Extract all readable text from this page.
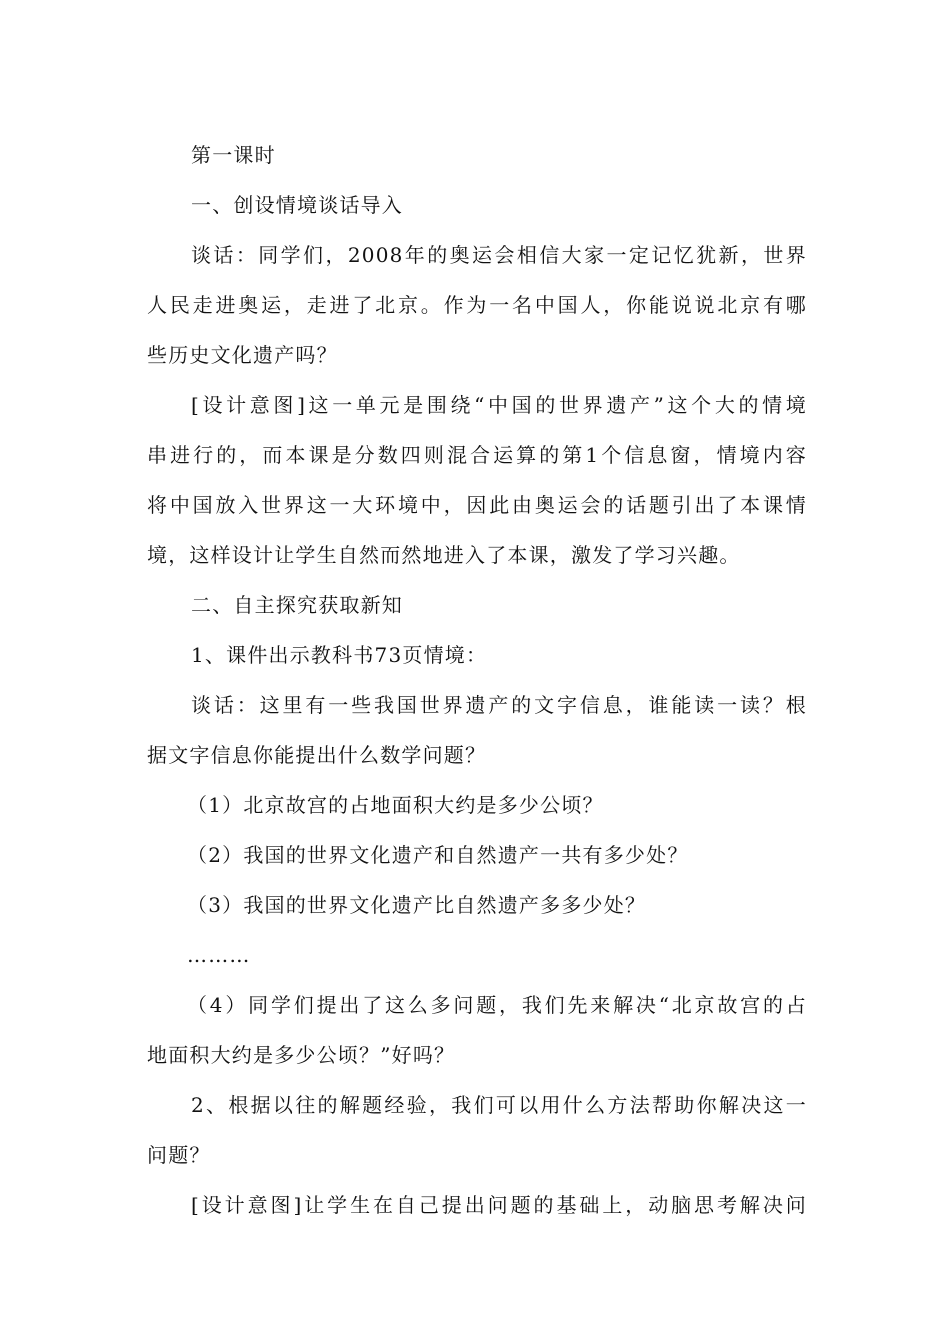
第一课时
一、创设情境谈话导入
谈话：同学们，2008年的奥运会相信大家一定记忆犹新，世界
人民走进奥运，走进了北京。作为一名中国人，你能说说北京有哪
些历史文化遗产吗？
[设计意图]这一单元是围绕“中国的世界遗产”这个大的情境
串进行的，而本课是分数四则混合运算的第1个信息窗，情境内容
将中国放入世界这一大环境中，因此由奥运会的话题引出了本课情
境，这样设计让学生自然而然地进入了本课，激发了学习兴趣。
二、自主探究获取新知
1、课件出示教科书73页情境：
谈话：这里有一些我国世界遗产的文字信息，谁能读一读？根
据文字信息你能提出什么数学问题？
（1）北京故宫的占地面积大约是多少公顷？
（2）我国的世界文化遗产和自然遗产一共有多少处？
（3）我国的世界文化遗产比自然遗产多多少处？
………
（4）同学们提出了这么多问题，我们先来解决“北京故宫的占
地面积大约是多少公顷？”好吗？
2、根据以往的解题经验，我们可以用什么方法帮助你解决这一
问题？
[设计意图]让学生在自己提出问题的基础上，动脑思考解决问
